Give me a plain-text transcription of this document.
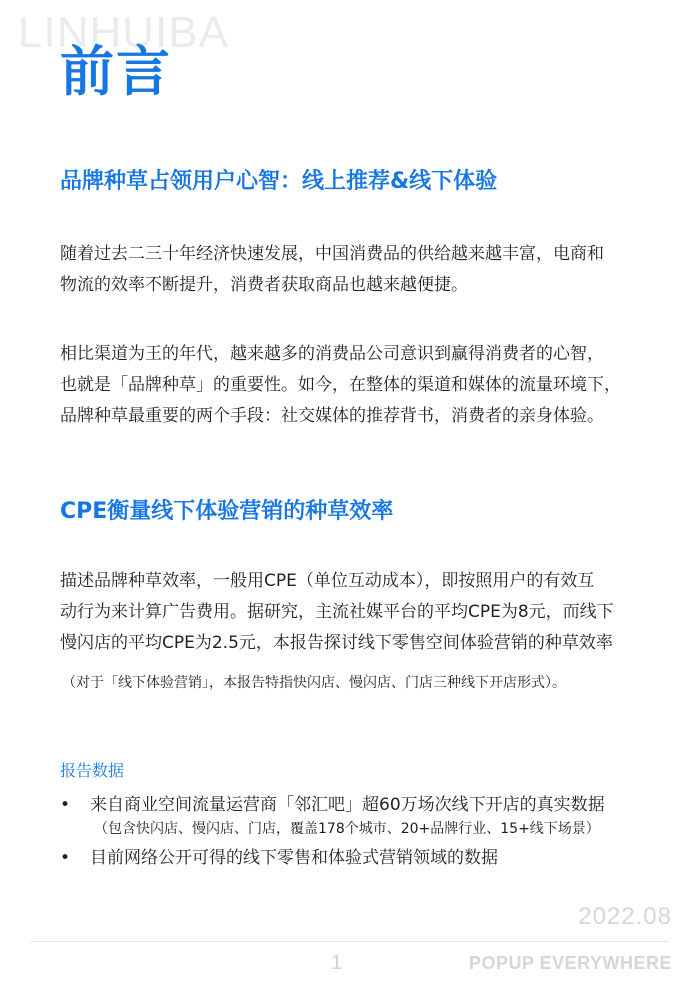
LINHUIBA
前言
品牌种草占领用户心智：线上推荐&线下体验
随着过去二三十年经济快速发展，中国消费品的供给越来越丰富，电商和
物流的效率不断提升，消费者获取商品也越来越便捷。
相比渠道为王的年代，越来越多的消费品公司意识到赢得消费者的心智，
也就是「品牌种草」的重要性。如今，在整体的渠道和媒体的流量环境下，
品牌种草最重要的两个手段：社交媒体的推荐背书，消费者的亲身体验。
CPE衡量线下体验营销的种草效率
描述品牌种草效率，一般用CPE（单位互动成本），即按照用户的有效互
动行为来计算广告费用。据研究，主流社媒平台的平均CPE为8元，而线下
慢闪店的平均CPE为2.5元，本报告探讨线下零售空间体验营销的种草效率
（对于「线下体验营销」，本报告特指快闪店、慢闪店、门店三种线下开店形式）。
报告数据
• 来自商业空间流量运营商「邻汇吧」超60万场次线下开店的真实数据
（包含快闪店、慢闪店、门店，覆盖178个城市、20+品牌行业、15+线下场景）
• 目前网络公开可得的线下零售和体验式营销领域的数据
2022.08
1	POPUP EVERYWHERE
